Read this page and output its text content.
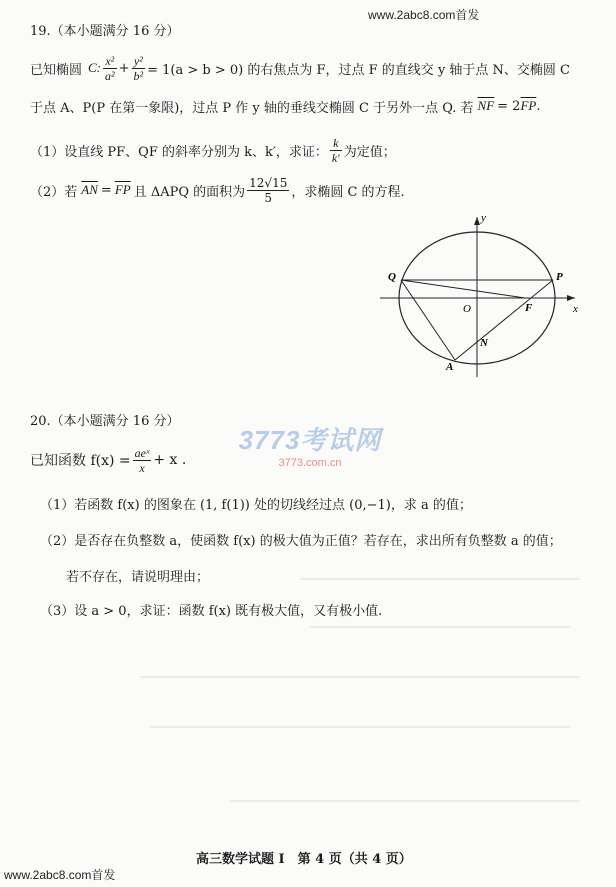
www.2abc8.com首发
19.（本小题满分 16 分）
已知椭圆 C: $\frac{\text{x²}}{\text{a²}} + \frac{\text{y²}}{\text{b²}} = 1(a > b > 0)$ 的右焦点为 F，过点 F 的直线交 y 轴于点 N、交椭圆 C
于点 A、P(P 在第一象限)，过点 P 作 y 轴的垂线交椭圆 C 于另外一点 Q. 若 $\overline{NF} = 2$ $\overline{FP}$ .
（1）设直线 PF、QF 的斜率分别为 k、k′，求证： $\frac{k}{k'}$ 为定值；
（2）若 $\overline{AN} = \overline{FP}$ 且 ΔAPQ 的面积为 $\frac{12√15}{5}$ ，求椭圆 C 的方程.
y
x
O
Q	P
F
N
A
20.（本小题满分 16 分）
3773考试网
3773.com.cn
已知函数 $f(x) = \frac{\text{aeˣ}}{x} + x$ .
（1）若函数 f(x) 的图象在 (1, f(1)) 处的切线经过点 (0,−1)，求 a 的值；
（2）是否存在负整数 a，使函数 f(x) 的极大值为正值？若存在，求出所有负整数 a 的值；
若不存在，请说明理由；
（3）设 a > 0，求证：函数 f(x) 既有极大值，又有极小值.
高三数学试题 I　第 4 页（共 4 页）
www.2abc8.com首发
